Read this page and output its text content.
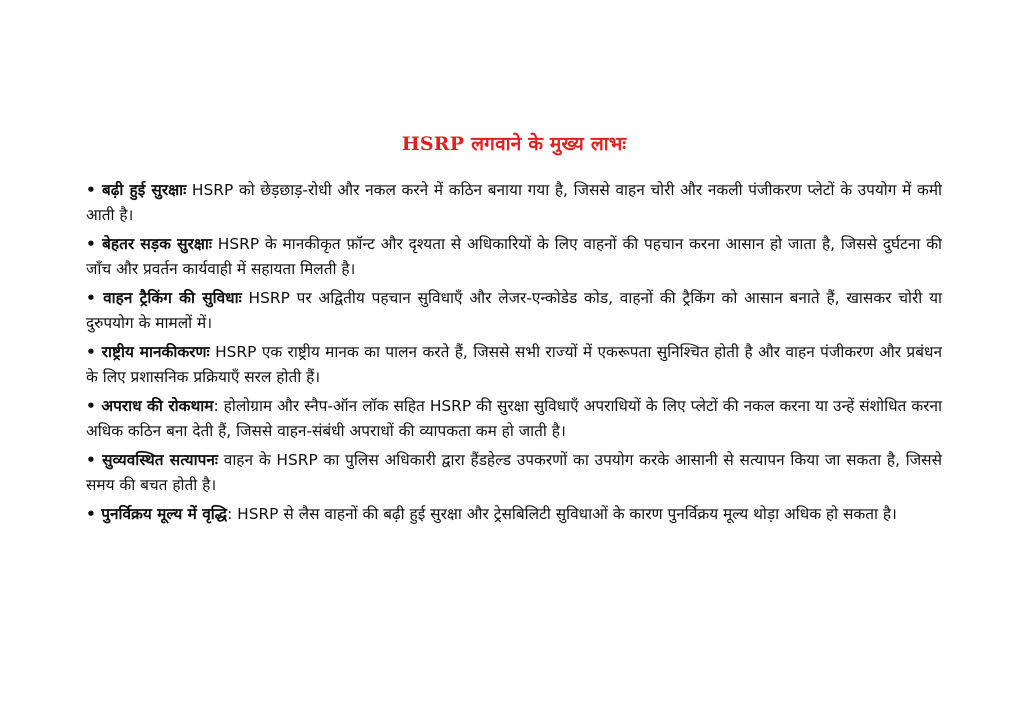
HSRP लगवाने के मुख्य लाभः
• बढ़ी हुई सुरक्षाः HSRP को छेड़छाड़-रोधी और नकल करने में कठिन बनाया गया है, जिससे वाहन चोरी और नकली पंजीकरण प्लेटों के उपयोग में कमी आती है।
• बेहतर सड़क सुरक्षाः HSRP के मानकीकृत फ़ॉन्ट और दृश्यता से अधिकारियों के लिए वाहनों की पहचान करना आसान हो जाता है, जिससे दुर्घटना की जाँच और प्रवर्तन कार्यवाही में सहायता मिलती है।
• वाहन ट्रैकिंग की सुविधाः HSRP पर अद्वितीय पहचान सुविधाएँ और लेजर-एन्कोडेड कोड, वाहनों की ट्रैकिंग को आसान बनाते हैं, खासकर चोरी या दुरुपयोग के मामलों में।
• राष्ट्रीय मानकीकरणः HSRP एक राष्ट्रीय मानक का पालन करते हैं, जिससे सभी राज्यों में एकरूपता सुनिश्चित होती है और वाहन पंजीकरण और प्रबंधन के लिए प्रशासनिक प्रक्रियाएँ सरल होती हैं।
• अपराध की रोकथाम: होलोग्राम और स्नैप-ऑन लॉक सहित HSRP की सुरक्षा सुविधाएँ अपराधियों के लिए प्लेटों की नकल करना या उन्हें संशोधित करना अधिक कठिन बना देती हैं, जिससे वाहन-संबंधी अपराधों की व्यापकता कम हो जाती है।
• सुव्यवस्थित सत्यापनः वाहन के HSRP का पुलिस अधिकारी द्वारा हैंडहेल्ड उपकरणों का उपयोग करके आसानी से सत्यापन किया जा सकता है, जिससे समय की बचत होती है।
• पुनर्विक्रय मूल्य में वृद्धि: HSRP से लैस वाहनों की बढ़ी हुई सुरक्षा और ट्रेसबिलिटी सुविधाओं के कारण पुनर्विक्रय मूल्य थोड़ा अधिक हो सकता है।
